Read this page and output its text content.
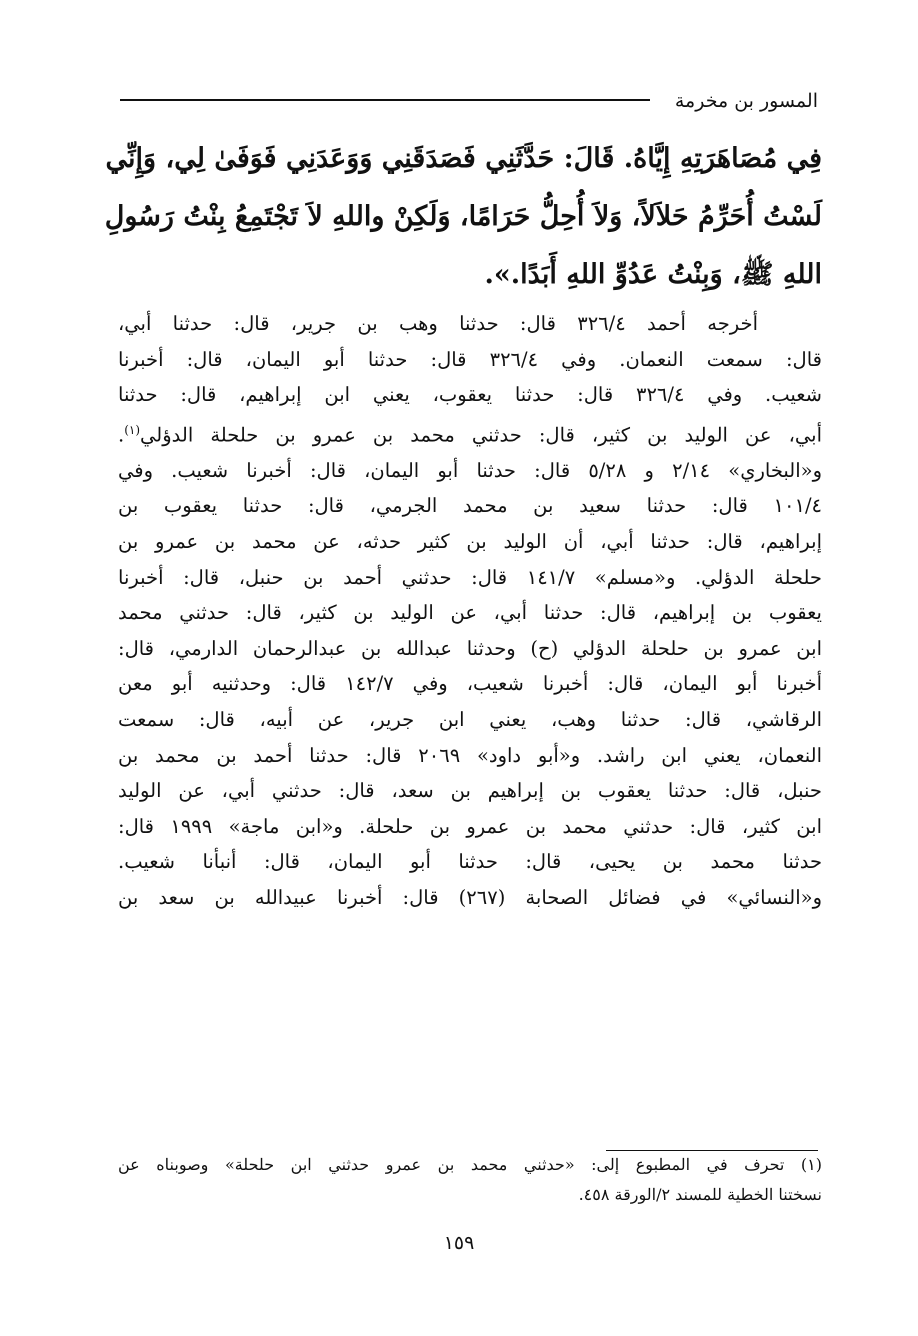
المسور بن مخرمة
فِي مُصَاهَرَتِهِ إِيَّاهُ. قَالَ: حَدَّثَنِي فَصَدَقَنِي وَوَعَدَنِي فَوَفَىٰ لِي، وَإِنِّي
لَسْتُ أُحَرِّمُ حَلاَلاً، وَلاَ أُحِلُّ حَرَامًا، وَلَكِنْ واللهِ لاَ تَجْتَمِعُ بِنْتُ رَسُولِ
اللهِ ﷺ، وَبِنْتُ عَدُوِّ اللهِ أَبَدًا.».
أخرجه أحمد ٣٢٦/٤ قال: حدثنا وهب بن جرير، قال: حدثنا أبي،
قال: سمعت النعمان. وفي ٣٢٦/٤ قال: حدثنا أبو اليمان، قال: أخبرنا
شعيب. وفي ٣٢٦/٤ قال: حدثنا يعقوب، يعني ابن إبراهيم، قال: حدثنا
أبي، عن الوليد بن كثير، قال: حدثني محمد بن عمرو بن حلحلة الدؤلي$^{(١)}$.
و«البخاري» ٢/١٤ و ٥/٢٨ قال: حدثنا أبو اليمان، قال: أخبرنا شعيب. وفي
١٠١/٤ قال: حدثنا سعيد بن محمد الجرمي، قال: حدثنا يعقوب بن
إبراهيم، قال: حدثنا أبي، أن الوليد بن كثير حدثه، عن محمد بن عمرو بن
حلحلة الدؤلي. و«مسلم» ١٤١/٧ قال: حدثني أحمد بن حنبل، قال: أخبرنا
يعقوب بن إبراهيم، قال: حدثنا أبي، عن الوليد بن كثير، قال: حدثني محمد
ابن عمرو بن حلحلة الدؤلي (ح) وحدثنا عبدالله بن عبدالرحمان الدارمي، قال:
أخبرنا أبو اليمان، قال: أخبرنا شعيب، وفي ١٤٢/٧ قال: وحدثنيه أبو معن
الرقاشي، قال: حدثنا وهب، يعني ابن جرير، عن أبيه، قال: سمعت
النعمان، يعني ابن راشد. و«أبو داود» ٢٠٦٩ قال: حدثنا أحمد بن محمد بن
حنبل، قال: حدثنا يعقوب بن إبراهيم بن سعد، قال: حدثني أبي، عن الوليد
ابن كثير، قال: حدثني محمد بن عمرو بن حلحلة. و«ابن ماجة» ١٩٩٩ قال:
حدثنا محمد بن يحيى، قال: حدثنا أبو اليمان، قال: أنبأنا شعيب.
و«النسائي» في فضائل الصحابة (٢٦٧) قال: أخبرنا عبيدالله بن سعد بن
(١) تحرف في المطبوع إلى: «حدثني محمد بن عمرو حدثني ابن حلحلة» وصوبناه عن
نسختنا الخطية للمسند ٢/الورقة ٤٥٨.
١٥٩
